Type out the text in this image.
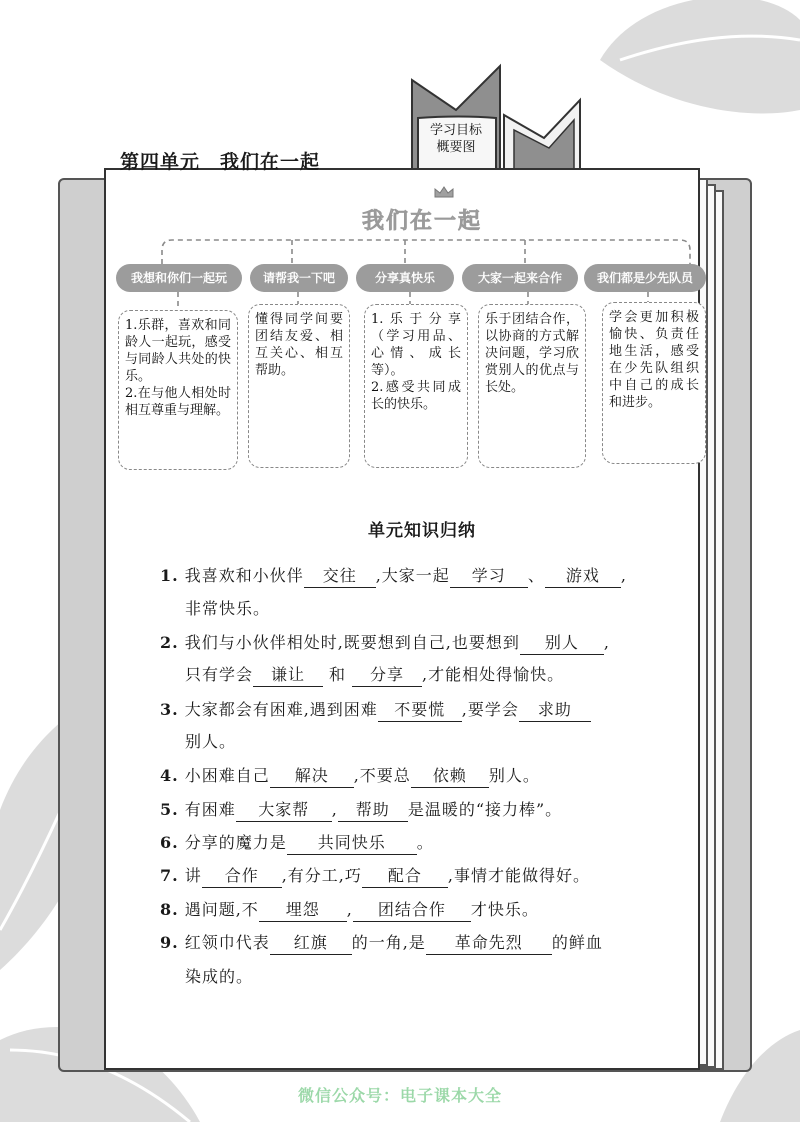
学习目标
概要图
第四单元　我们在一起
我们在一起
我想和你们一起玩	请帮我一下吧	分享真快乐	大家一起来合作	我们都是少先队员
1.乐群，喜欢和同龄人一起玩，感受与同龄人共处的快乐。
2.在与他人相处时相互尊重与理解。
懂得同学间要团结友爱、相互关心、相互帮助。
1.乐于分享（学习用品、心情、成长等）。
2.感受共同成长的快乐。
乐于团结合作，以协商的方式解决问题，学习欣赏别人的优点与长处。
学会更加积极愉快、负责任地生活，感受在少先队组织中自己的成长和进步。
单元知识归纳
1. 我喜欢和小伙伴 交往 ,大家一起 学习 、 游戏 ,
非常快乐。
2. 我们与小伙伴相处时,既要想到自己,也要想到 别人 ,
只有学会 谦让 和 分享 ,才能相处得愉快。
3. 大家都会有困难,遇到困难 不要慌 ,要学会 求助
别人。
4. 小困难自己 解决 ,不要总 依赖 别人。
5. 有困难 大家帮 , 帮助 是温暖的“接力棒”。
6. 分享的魔力是 共同快乐 。
7. 讲 合作 ,有分工,巧 配合 ,事情才能做得好。
8. 遇问题,不 埋怨 , 团结合作 才快乐。
9. 红领巾代表 红旗 的一角,是 革命先烈 的鲜血
染成的。
微信公众号：电子课本大全
